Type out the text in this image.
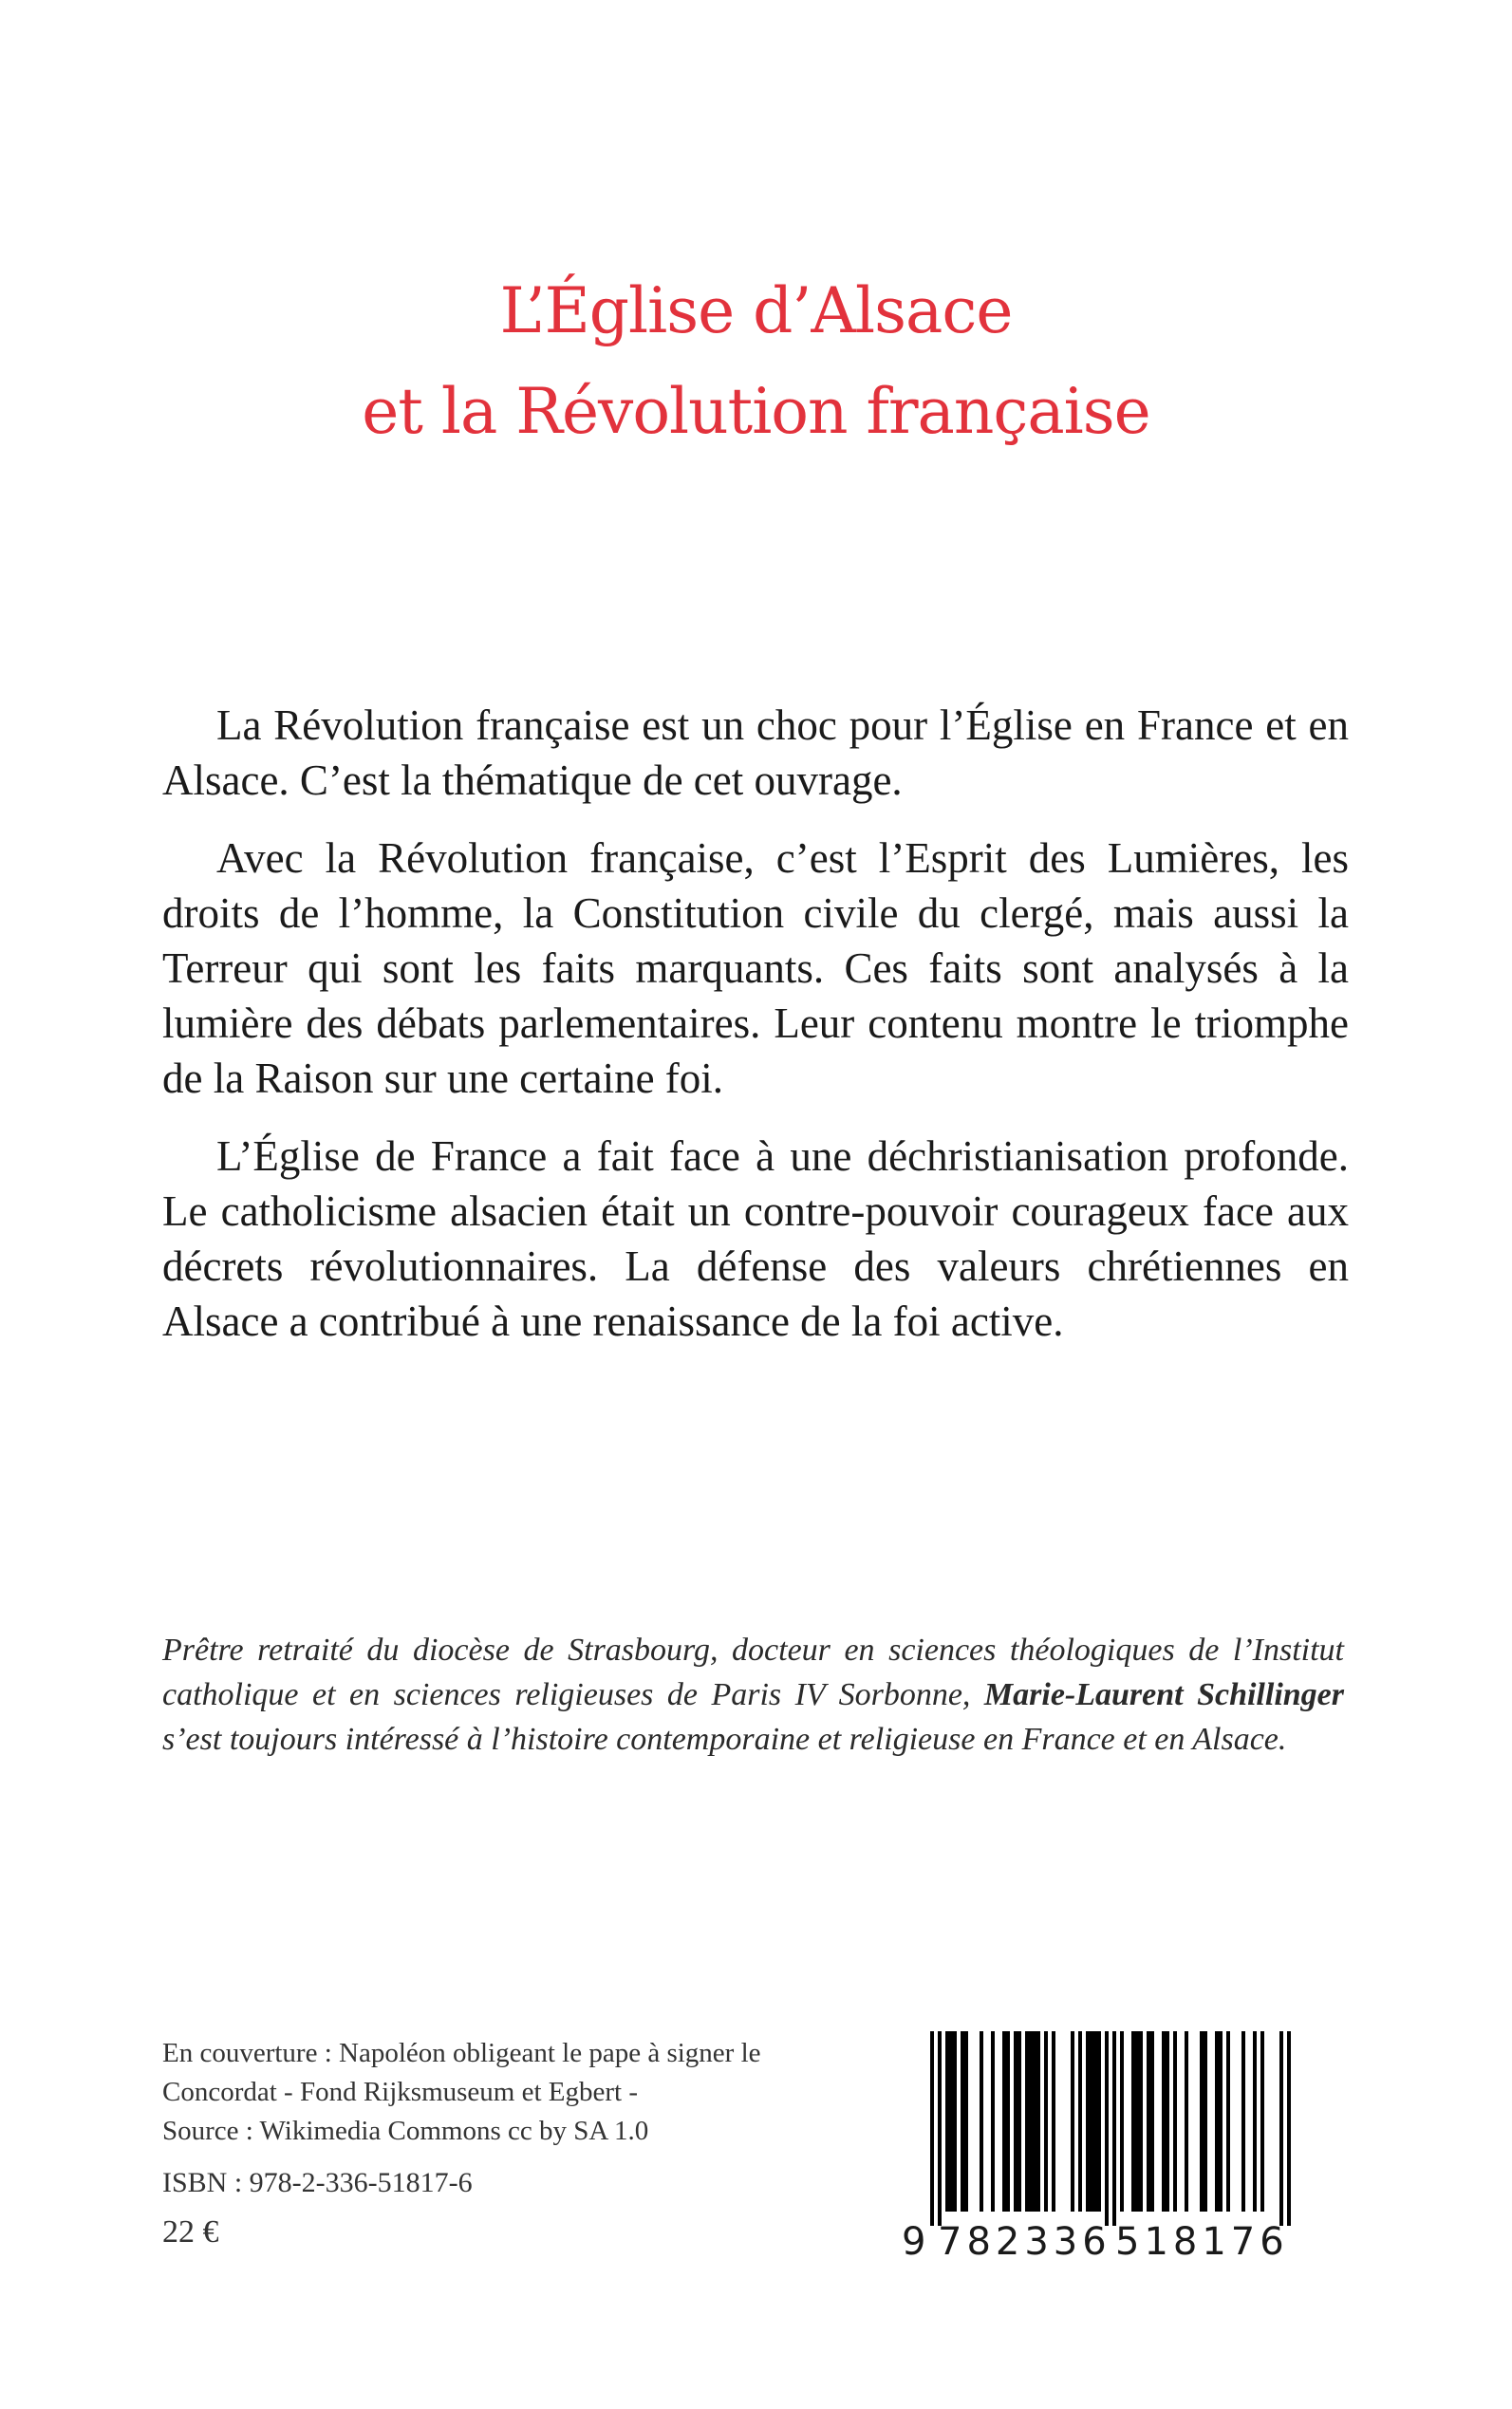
L’Église d’Alsace
et la Révolution française

La Révolution française est un choc pour l’Église en France et en Alsace. C’est la thématique de cet ouvrage.

Avec la Révolution française, c’est l’Esprit des Lumières, les droits de l’homme, la Constitution civile du clergé, mais aussi la Terreur qui sont les faits marquants. Ces faits sont analysés à la lumière des débats parlementaires. Leur contenu montre le triomphe de la Raison sur une certaine foi.

L’Église de France a fait face à une déchristianisation profonde. Le catholicisme alsacien était un contre-pouvoir courageux face aux décrets révolutionnaires. La défense des valeurs chrétiennes en Alsace a contribué à une renaissance de la foi active.

Prêtre retraité du diocèse de Strasbourg, docteur en sciences théologiques de l’Institut catholique et en sciences religieuses de Paris IV Sorbonne, Marie-Laurent Schillinger s’est toujours intéressé à l’histoire contemporaine et religieuse en France et en Alsace.
En couverture : Napoléon obligeant le pape à signer le
Concordat - Fond Rijksmuseum et Egbert -
Source : Wikimedia Commons cc by SA 1.0
ISBN : 978-2-336-51817-6
22 €	9 782336 518176
